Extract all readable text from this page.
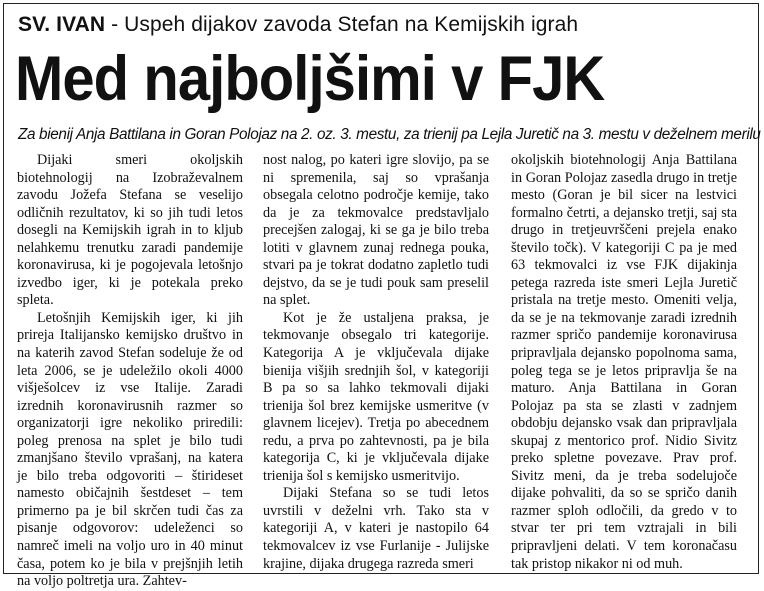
SV. IVAN - Uspeh dijakov zavoda Stefan na Kemijskih igrah
Med najboljšimi v FJK
Za bienij Anja Battilana in Goran Polojaz na 2. oz. 3. mestu, za trienij pa Lejla Juretič na 3. mestu v deželnem merilu

Dijaki smeri okoljskih biotehnologij na Izobraževalnem zavodu Jožefa Stefana se veselijo odličnih rezultatov, ki so jih tudi letos dosegli na Kemijskih igrah in to kljub nelahkemu trenutku zaradi pandemije koronavirusa, ki je pogojevala letošnjo izvedbo iger, ki je potekala preko spleta.

Letošnjih Kemijskih iger, ki jih prireja Italijansko kemijsko društvo in na katerih zavod Stefan sodeluje že od leta 2006, se je udeležilo okoli 4000 višješolcev iz vse Italije. Zaradi izrednih koronavirusnih razmer so organizatorji igre nekoliko priredili: poleg prenosa na splet je bilo tudi zmanjšano število vprašanj, na katera je bilo treba odgovoriti – štirideset namesto običajnih šestdeset – tem primerno pa je bil skrčen tudi čas za pisanje odgovorov: udeleženci so namreč imeli na voljo uro in 40 minut časa, potem ko je bila v prejšnjih letih na voljo poltretja ura. Zahtev-

nost nalog, po kateri igre slovijo, pa se ni spremenila, saj so vprašanja obsegala celotno področje kemije, tako da je za tekmovalce predstavljalo precejšen zalogaj, ki se ga je bilo treba lotiti v glavnem zunaj rednega pouka, stvari pa je tokrat dodatno zapletlo tudi dejstvo, da se je tudi pouk sam preselil na splet.

Kot je že ustaljena praksa, je tekmovanje obsegalo tri kategorije. Kategorija A je vključevala dijake bienija višjih srednjih šol, v kategoriji B pa so sa lahko tekmovali dijaki trienija šol brez kemijske usmeritve (v glavnem licejev). Tretja po abecednem redu, a prva po zahtevnosti, pa je bila kategorija C, ki je vključevala dijake trienija šol s kemijsko usmeritvijo.

Dijaki Stefana so se tudi letos uvrstili v deželni vrh. Tako sta v kategoriji A, v kateri je nastopilo 64 tekmovalcev iz vse Furlanije - Julijske krajine, dijaka drugega razreda smeri

okoljskih biotehnologij Anja Battilana in Goran Polojaz zasedla drugo in tretje mesto (Goran je bil sicer na lestvici formalno četrti, a dejansko tretji, saj sta drugo in tretjeuvrščeni prejela enako število točk). V kategoriji C pa je med 63 tekmovalci iz vse FJK dijakinja petega razreda iste smeri Lejla Juretič pristala na tretje mesto. Omeniti velja, da se je na tekmovanje zaradi izrednih razmer spričo pandemije koronavirusa pripravljala dejansko popolnoma sama, poleg tega se je letos pripravlja še na maturo. Anja Battilana in Goran Polojaz pa sta se zlasti v zadnjem obdobju dejansko vsak dan pripravljala skupaj z mentorico prof. Nidio Sivitz preko spletne povezave. Prav prof. Sivitz meni, da je treba sodelujoče dijake pohvaliti, da so se spričo danih razmer sploh odločili, da gredo v to stvar ter pri tem vztrajali in bili pripravljeni delati. V tem koronačasu tak pristop nikakor ni od muh.
